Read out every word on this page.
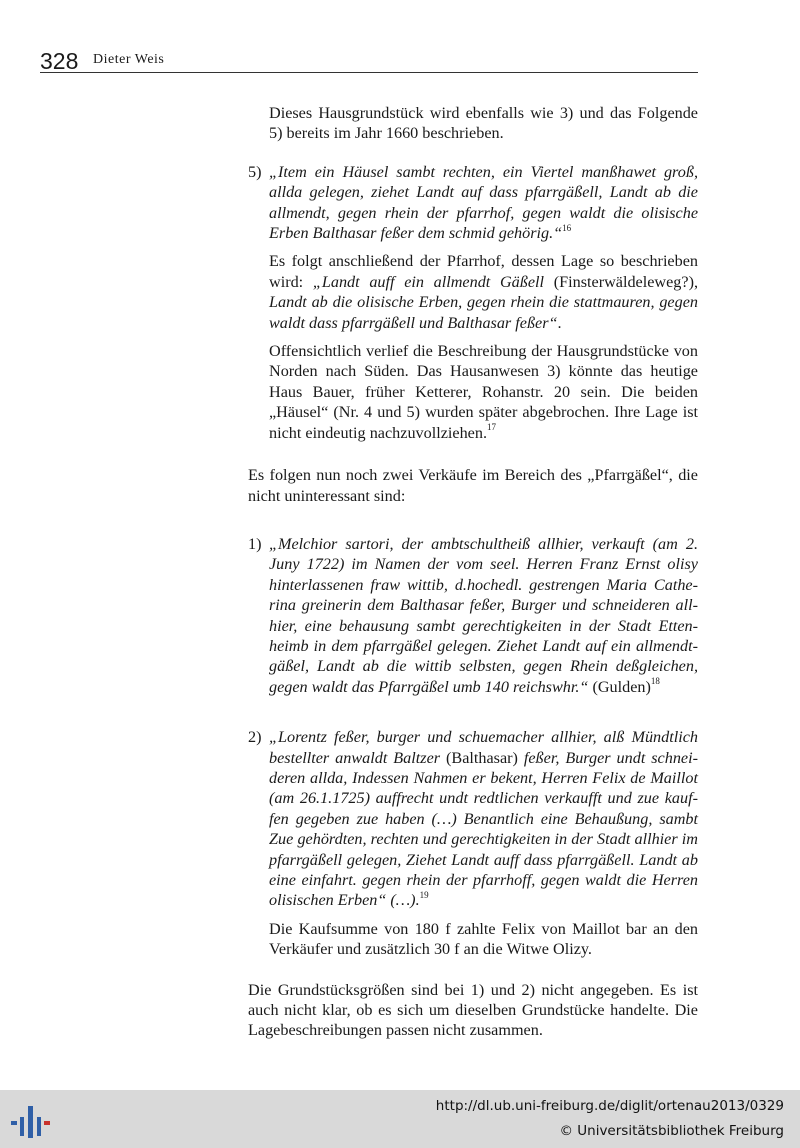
328 Dieter Weis

Dieses Hausgrundstück wird ebenfalls wie 3) und das Folgende 5) bereits im Jahr 1660 beschrieben.

5) „Item ein Häusel sambt rechten, ein Viertel manßhawet groß, allda gelegen, ziehet Landt auf dass pfarrgäßell, Landt ab die allmendt, gegen rhein der pfarrhof, gegen waldt die olisische Erben Balthasar feßer dem schmid gehörig.“$^{16}$

Es folgt anschließend der Pfarrhof, dessen Lage so beschrieben wird: „Landt auff ein allmendt Gäßell (Finsterwäldeleweg?), Landt ab die olisische Erben, gegen rhein die stattmauren, gegen waldt dass pfarrgäßell und Balthasar feßer“.

Offensichtlich verlief die Beschreibung der Hausgrundstücke von Norden nach Süden. Das Hausanwesen 3) könnte das heutige Haus Bauer, früher Ketterer, Rohanstr. 20 sein. Die beiden „Häusel“ (Nr. 4 und 5) wurden später abgebrochen. Ihre Lage ist nicht eindeutig nachzuvollziehen.$^{17}$

Es folgen nun noch zwei Verkäufe im Bereich des „Pfarrgäßel“, die nicht uninteressant sind:

1) „Melchior sartori, der ambtschultheiß allhier, verkauft (am 2. Juny 1722) im Namen der vom seel. Herren Franz Ernst olisy hinterlassenen fraw wittib, d.hochedl. gestrengen Maria Catherina greinerin dem Balthasar feßer, Burger und schneideren allhier, eine behausung sambt gerechtigkeiten in der Stadt Ettenheimb in dem pfarrgäßel gelegen. Ziehet Landt auf ein allmendtgäßel, Landt ab die wittib selbsten, gegen Rhein deßgleichen, gegen waldt das Pfarrgäßel umb 140 reichswhr.“ (Gulden)$^{18}$

2) „Lorentz feßer, burger und schuemacher allhier, alß Mündtlich bestellter anwaldt Baltzer (Balthasar) feßer, Burger undt schneideren allda, Indessen Nahmen er bekent, Herren Felix de Maillot (am 26.1.1725) auffrecht undt redtlichen verkaufft und zue kauffen gegeben zue haben (…) Benantlich eine Behaußung, sambt Zue gehördten, rechten und gerechtigkeiten in der Stadt allhier im pfarrgäßell gelegen, Ziehet Landt auff dass pfarrgäßell. Landt ab eine einfahrt. gegen rhein der pfarrhoff, gegen waldt die Herren olisischen Erben“ (…).$^{19}$

Die Kaufsumme von 180 f zahlte Felix von Maillot bar an den Verkäufer und zusätzlich 30 f an die Witwe Olizy.

Die Grundstücksgrößen sind bei 1) und 2) nicht angegeben. Es ist auch nicht klar, ob es sich um dieselben Grundstücke handelte. Die Lagebeschreibungen passen nicht zusammen.

http://dl.ub.uni-freiburg.de/diglit/ortenau2013/0329
© Universitätsbibliothek Freiburg
